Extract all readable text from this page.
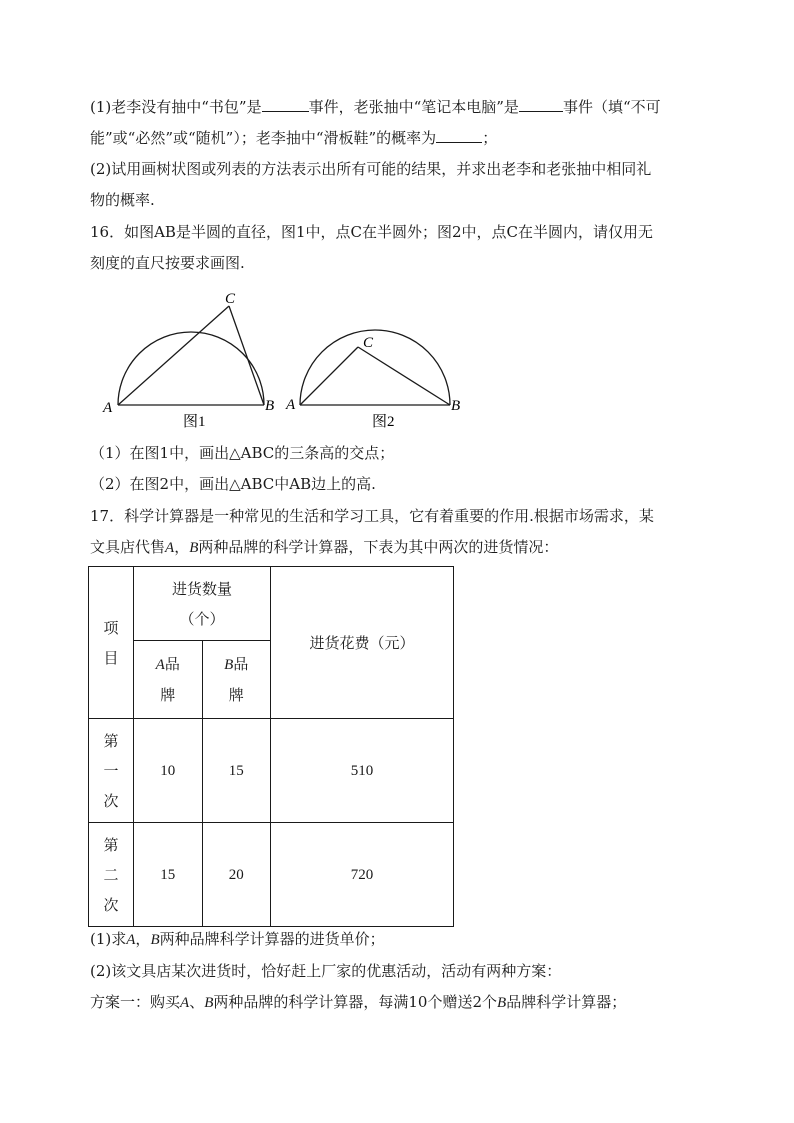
(1)老李没有抽中“书包”是	事件，老张抽中“笔记本电脑”是	事件（填“不可
能”或“必然”或“随机”）；老李抽中“滑板鞋”的概率为	；
(2)试用画树状图或列表的方法表示出所有可能的结果，并求出老李和老张抽中相同礼
物的概率.
16．如图AB是半圆的直径，图1中，点C在半圆外；图2中，点C在半圆内，请仅用无
刻度的直尺按要求画图.
C
A	B
图1
C
A	B
图2
（1）在图1中，画出△ABC的三条高的交点；
（2）在图2中，画出△ABC中AB边上的高.
17．科学计算器是一种常见的生活和学习工具，它有着重要的作用.根据市场需求，某
文具店代售A，B两种品牌的科学计算器，下表为其中两次的进货情况：
项目	进货数量（个）		进货花费（元）

	A品牌	B品牌	

第一次	10	15	510
第二次	15	20	720
(1)求A，B两种品牌科学计算器的进货单价；
(2)该文具店某次进货时，恰好赶上厂家的优惠活动，活动有两种方案：
方案一：购买A、B两种品牌的科学计算器，每满10个赠送2个B品牌科学计算器；
